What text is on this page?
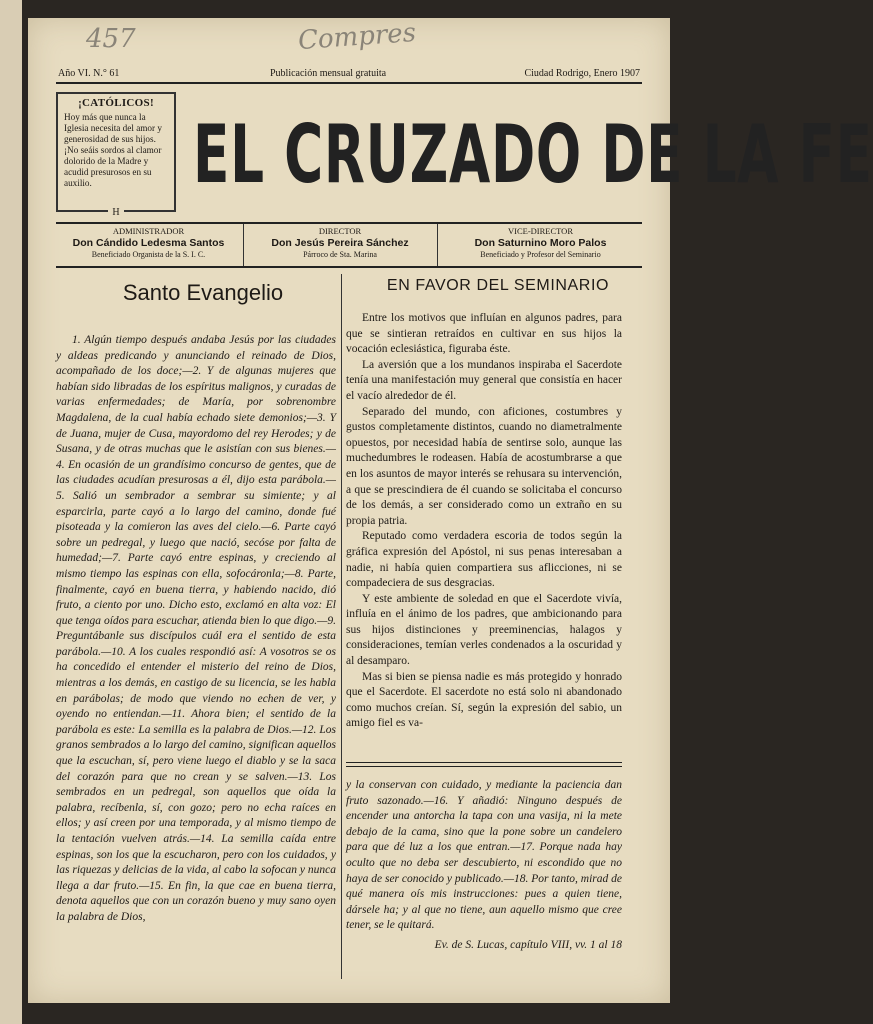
457	Compres
Año VI. N.° 61	Publicación mensual gratuita	Ciudad Rodrigo, Enero 1907
¡CATÓLICOS!
Hoy más que nunca la Iglesia necesita del amor y generosidad de sus hijos. ¡No seáis sordos al clamor dolorido de la Madre y acudid presurosos en su auxilio.
H
EL CRUZADO DE LA FE
ADMINISTRADOR
Don Cándido Ledesma Santos
Beneficiado Organista de la S. I. C.
DIRECTOR
Don Jesús Pereira Sánchez
Párroco de Sta. Marina
VICE-DIRECTOR
Don Saturnino Moro Palos
Beneficiado y Profesor del Seminario
Santo Evangelio

1. Algún tiempo después andaba Jesús por las ciudades y aldeas predicando y anunciando el reinado de Dios, acompañado de los doce;—2. Y de algunas mujeres que habían sido libradas de los espíritus malignos, y curadas de varias enfermedades; de María, por sobrenombre Magdalena, de la cual había echado siete demonios;—3. Y de Juana, mujer de Cusa, mayordomo del rey Herodes; y de Susana, y de otras muchas que le asistían con sus bienes.—4. En ocasión de un grandísimo concurso de gentes, que de las ciudades acudían presurosas a él, dijo esta parábola.—5. Salió un sembrador a sembrar su simiente; y al esparcirla, parte cayó a lo largo del camino, donde fué pisoteada y la comieron las aves del cielo.—6. Parte cayó sobre un pedregal, y luego que nació, secóse por falta de humedad;—7. Parte cayó entre espinas, y creciendo al mismo tiempo las espinas con ella, sofocáronla;—8. Parte, finalmente, cayó en buena tierra, y habiendo nacido, dió fruto, a ciento por uno. Dicho esto, exclamó en alta voz: El que tenga oídos para escuchar, atienda bien lo que digo.—9. Preguntábanle sus discípulos cuál era el sentido de esta parábola.—10. A los cuales respondió así: A vosotros se os ha concedido el entender el misterio del reino de Dios, mientras a los demás, en castigo de su licencia, se les habla en parábolas; de modo que viendo no echen de ver, y oyendo no entiendan.—11. Ahora bien; el sentido de la parábola es este: La semilla es la palabra de Dios.—12. Los granos sembrados a lo largo del camino, significan aquellos que la escuchan, sí, pero viene luego el diablo y se la saca del corazón para que no crean y se salven.—13. Los sembrados en un pedregal, son aquellos que oída la palabra, recíbenla, sí, con gozo; pero no echa raíces en ellos; y así creen por una temporada, y al mismo tiempo de la tentación vuelven atrás.—14. La semilla caída entre espinas, son los que la escucharon, pero con los cuidados, y las riquezas y delicias de la vida, al cabo la sofocan y nunca llega a dar fruto.—15. En fin, la que cae en buena tierra, denota aquellos que con un corazón bueno y muy sano oyen la palabra de Dios,

EN FAVOR DEL SEMINARIO

Entre los motivos que influían en algunos padres, para que se sintieran retraídos en cultivar en sus hijos la vocación eclesiástica, figuraba éste.

La aversión que a los mundanos inspiraba el Sacerdote tenía una manifestación muy general que consistía en hacer el vacío alrededor de él.

Separado del mundo, con aficiones, costumbres y gustos completamente distintos, cuando no diametralmente opuestos, por necesidad había de sentirse solo, aunque las muchedumbres le rodeasen. Había de acostumbrarse a que en los asuntos de mayor interés se rehusara su intervención, a que se prescindiera de él cuando se solicitaba el concurso de los demás, a ser considerado como un extraño en su propia patria.

Reputado como verdadera escoria de todos según la gráfica expresión del Apóstol, ni sus penas interesaban a nadie, ni había quien compartiera sus aflicciones, ni se compadeciera de sus desgracias.

Y este ambiente de soledad en que el Sacerdote vivía, influía en el ánimo de los padres, que ambicionando para sus hijos distinciones y preeminencias, halagos y consideraciones, temían verles condenados a la oscuridad y al desamparo.

Mas si bien se piensa nadie es más protegido y honrado que el Sacerdote. El sacerdote no está solo ni abandonado como muchos creían. Sí, según la expresión del sabio, un amigo fiel es va-

y la conservan con cuidado, y mediante la paciencia dan fruto sazonado.—16. Y añadió: Ninguno después de encender una antorcha la tapa con una vasija, ni la mete debajo de la cama, sino que la pone sobre un candelero para que dé luz a los que entran.—17. Porque nada hay oculto que no deba ser descubierto, ni escondido que no haya de ser conocido y publicado.—18. Por tanto, mirad de qué manera oís mis instrucciones: pues a quien tiene, dársele ha; y al que no tiene, aun aquello mismo que cree tener, se le quitará.

Ev. de S. Lucas, capítulo VIII, vv. 1 al 18
